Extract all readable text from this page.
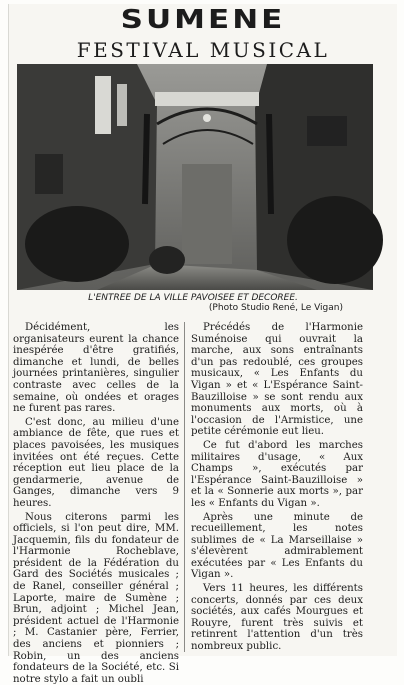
SUMENE
FESTIVAL MUSICAL
L'ENTREE DE LA VILLE PAVOISEE ET DECOREE.
(Photo Studio René, Le Vigan)

Décidément, les organisateurs eurent la chance inespérée d'être gratifiés, dimanche et lundi, de belles journées printanières, singulier contraste avec celles de la semaine, où ondées et orages ne furent pas rares.

C'est donc, au milieu d'une ambiance de fête, que rues et places pavoisées, les musiques invitées ont été reçues. Cette réception eut lieu place de la gendarmerie, avenue de Ganges, dimanche vers 9 heures.

Nous citerons parmi les officiels, si l'on peut dire, MM. Jacquemin, fils du fondateur de l'Harmonie Rocheblave, président de la Fédération du Gard des Sociétés musicales ; de Ranel, conseiller général ; Laporte, maire de Sumène ; Brun, adjoint ; Michel Jean, président actuel de l'Harmonie ; M. Castanier père, Ferrier, des anciens et pionniers ; Robin, un des anciens fondateurs de la Société, etc. Si notre stylo a fait un oubli

Précédés de l'Harmonie Suménoise qui ouvrait la marche, aux sons entraînants d'un pas redoublé, ces groupes musicaux, « Les Enfants du Vigan » et « L'Espérance Saint-Bauzilloise » se sont rendu aux monuments aux morts, où à l'occasion de l'Armistice, une petite cérémonie eut lieu.

Ce fut d'abord les marches militaires d'usage, « Aux Champs », exécutés par l'Espérance Saint-Bauzilloise » et la « Sonnerie aux morts », par les « Enfants du Vigan ».

Après une minute de recueillement, les notes sublimes de « La Marseillaise » s'élevèrent admirablement exécutées par « Les Enfants du Vigan ».

Vers 11 heures, les différents concerts, donnés par ces deux sociétés, aux cafés Mourgues et Rouyre, furent très suivis et retinrent l'attention d'un très nombreux public.
